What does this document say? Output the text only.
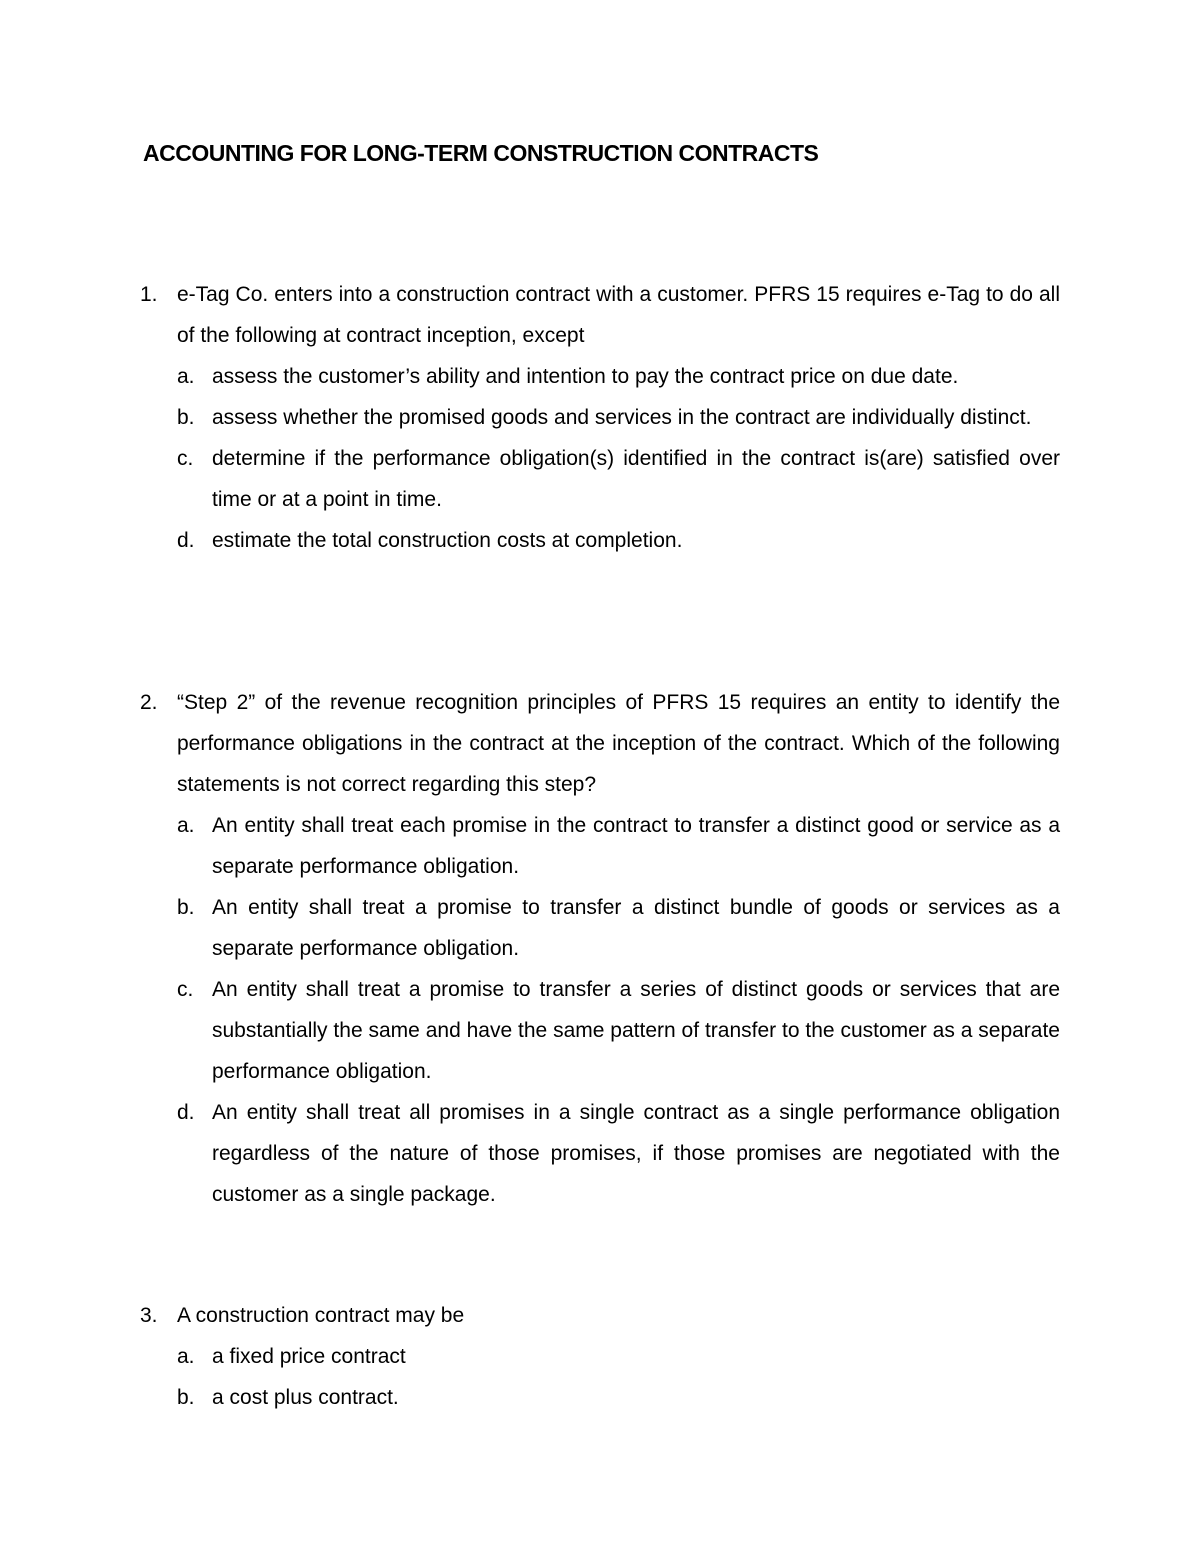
ACCOUNTING FOR LONG-TERM CONSTRUCTION CONTRACTS
1. e-Tag Co. enters into a construction contract with a customer. PFRS 15 requires e-Tag to do all of the following at contract inception, except

a. assess the customer’s ability and intention to pay the contract price on due date.

b. assess whether the promised goods and services in the contract are individually distinct.

c. determine if the performance obligation(s) identified in the contract is(are) satisfied over time or at a point in time.

d. estimate the total construction costs at completion.

2. “Step 2” of the revenue recognition principles of PFRS 15 requires an entity to identify the performance obligations in the contract at the inception of the contract. Which of the following statements is not correct regarding this step?

a. An entity shall treat each promise in the contract to transfer a distinct good or service as a separate performance obligation.

b. An entity shall treat a promise to transfer a distinct bundle of goods or services as a separate performance obligation.

c. An entity shall treat a promise to transfer a series of distinct goods or services that are substantially the same and have the same pattern of transfer to the customer as a separate performance obligation.

d. An entity shall treat all promises in a single contract as a single performance obligation regardless of the nature of those promises, if those promises are negotiated with the customer as a single package.

3. A construction contract may be

a. a fixed price contract

b. a cost plus contract.
